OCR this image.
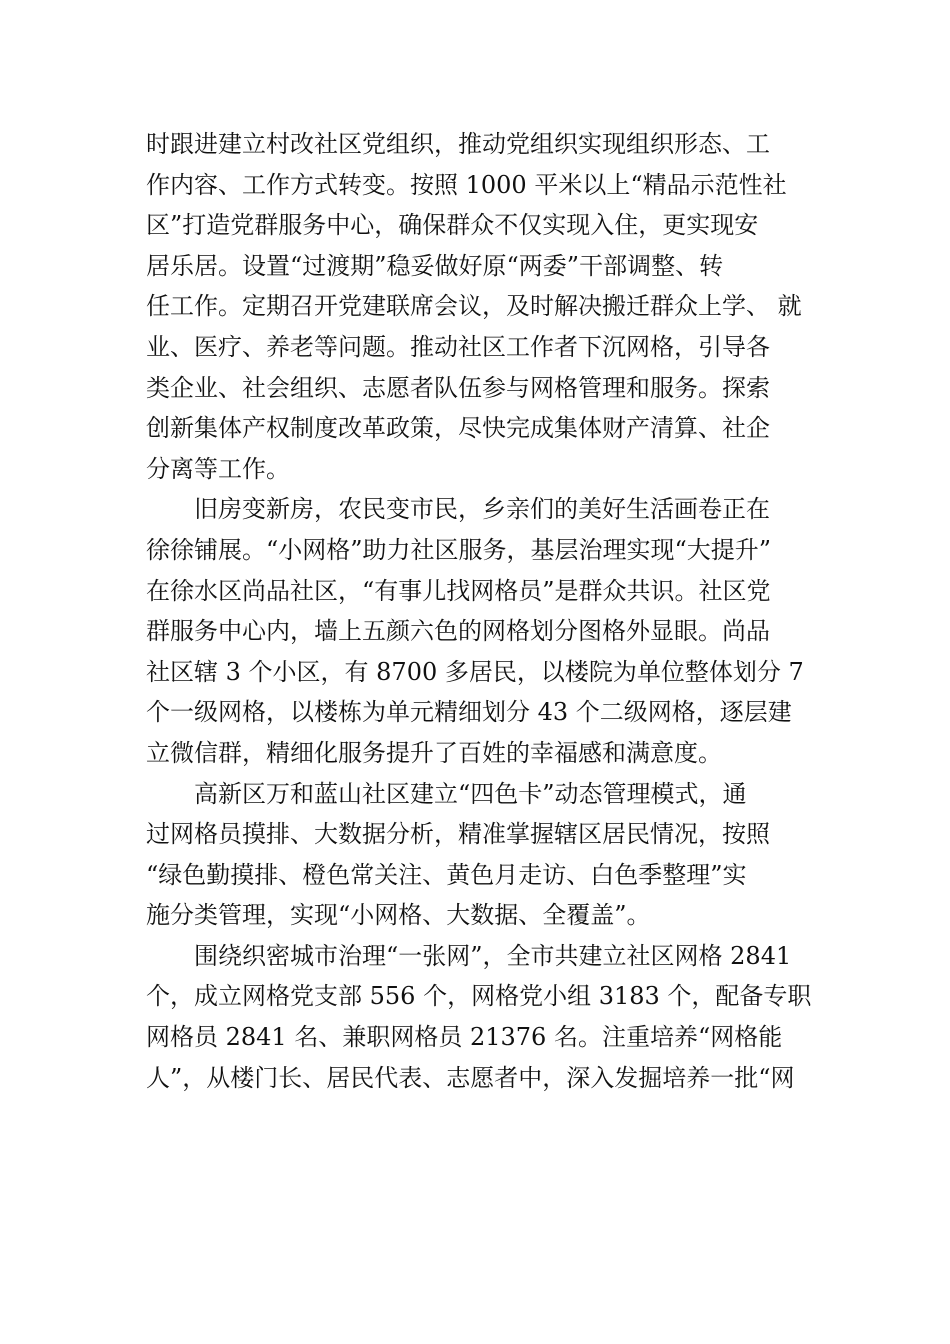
时跟进建立村改社区党组织，推动党组织实现组织形态、工
作内容、工作方式转变。按照 1000 平米以上“精品示范性社
区”打造党群服务中心，确保群众不仅实现入住，更实现安
居乐居。设置“过渡期”稳妥做好原“两委”干部调整、转
任工作。定期召开党建联席会议，及时解决搬迁群众上学、 就
业、医疗、养老等问题。推动社区工作者下沉网格，引导各
类企业、社会组织、志愿者队伍参与网格管理和服务。探索
创新集体产权制度改革政策，尽快完成集体财产清算、社企
分离等工作。
旧房变新房，农民变市民，乡亲们的美好生活画卷正在
徐徐铺展。“小网格”助力社区服务，基层治理实现“大提升”
在徐水区尚品社区，“有事儿找网格员”是群众共识。社区党
群服务中心内，墙上五颜六色的网格划分图格外显眼。尚品
社区辖 3 个小区，有 8700 多居民，以楼院为单位整体划分 7
个一级网格，以楼栋为单元精细划分 43 个二级网格，逐层建
立微信群，精细化服务提升了百姓的幸福感和满意度。
高新区万和蓝山社区建立“四色卡”动态管理模式，通
过网格员摸排、大数据分析，精准掌握辖区居民情况，按照
“绿色勤摸排、橙色常关注、黄色月走访、白色季整理”实
施分类管理，实现“小网格、大数据、全覆盖”。
围绕织密城市治理“一张网”，全市共建立社区网格 2841
个，成立网格党支部 556 个，网格党小组 3183 个，配备专职
网格员 2841 名、兼职网格员 21376 名。注重培养“网格能
人”，从楼门长、居民代表、志愿者中，深入发掘培养一批“网
